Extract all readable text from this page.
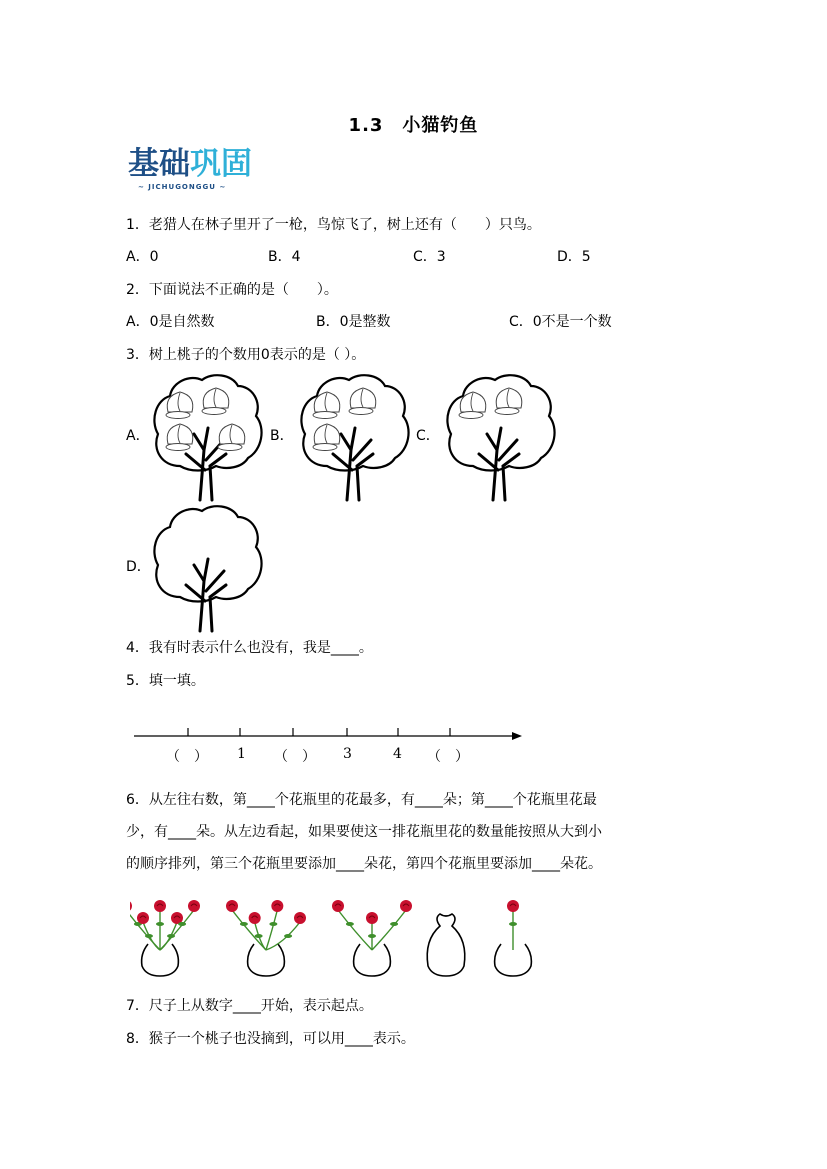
1.3　小猫钓鱼
基础巩固
~ JICHUGONGGU ~
1．老猎人在林子里开了一枪，鸟惊飞了，树上还有（　　）只鸟。
A．0	B．4	C．3	D．5
2．下面说法不正确的是（　　）。
A．0是自然数	B．0是整数	C．0不是一个数
3．树上桃子的个数用0表示的是（ ）。
A．	B．	C．
D．
4．我有时表示什么也没有，我是____。
5．填一填。
（　） 1 （　） 3	4 （　）
6．从左往右数，第____个花瓶里的花最多，有____朵；第____个花瓶里花最
少，有____朵。从左边看起，如果要使这一排花瓶里花的数量能按照从大到小
的顺序排列，第三个花瓶里要添加____朵花，第四个花瓶里要添加____朵花。
7．尺子上从数字____开始，表示起点。
8．猴子一个桃子也没摘到，可以用____表示。
